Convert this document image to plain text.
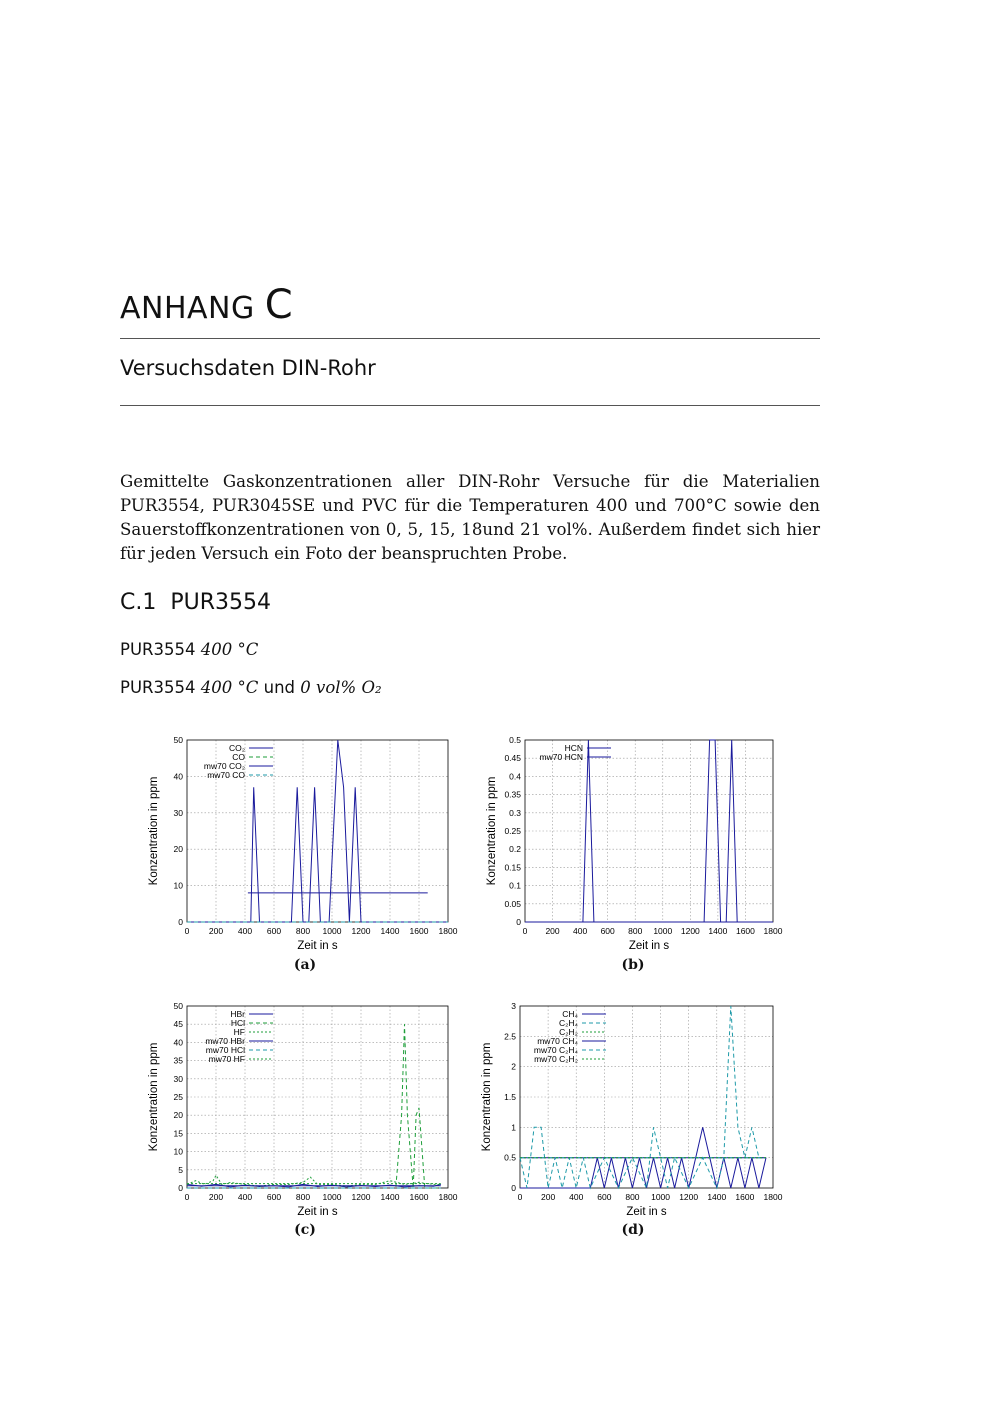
ANHANG C
Versuchsdaten DIN-Rohr
Gemittelte Gaskonzentrationen aller DIN-Rohr Versuche für die Materialien PUR3554, PUR3045SE und PVC für die Temperaturen 400 und 700°C sowie den Sauerstoffkonzentrationen von 0, 5, 15, 18und 21 vol%. Außerdem findet sich hier für jeden Versuch ein Foto der beanspruchten Probe.
C.1 PUR3554
PUR3554 400 °C
PUR3554 400 °C und 0 vol% O₂
0 200 400 600 800 1000 1200 1400 1600 1800
0
10
20
30
40
50
CO₂
CO
mw70 CO₂
mw70 CO
Zeit in s
Konzentration in ppm
(a)
0 200 400 600 800 1000 1200 1400 1600 1800
0
0.05
0.1
0.15
0.2
0.25
0.3
0.35
0.4
0.45
0.5
HCN
mw70 HCN
Zeit in s
Konzentration in ppm
(b)
0 200 400 600 800 1000 1200 1400 1600 1800
0
5
10
15
20
25
30
35
40
45
50
HBr
HCl
HF
mw70 HBr
mw70 HCl
mw70 HF
Zeit in s
Konzentration in ppm
(c)
0 200 400 600 800 1000 1200 1400 1600 1800
0
0.5
1
1.5
2
2.5
3
CH₄
C₂H₄
C₂H₂
mw70 CH₄
mw70 C₂H₄
mw70 C₂H₂
Zeit in s
Konzentration in ppm
(d)
